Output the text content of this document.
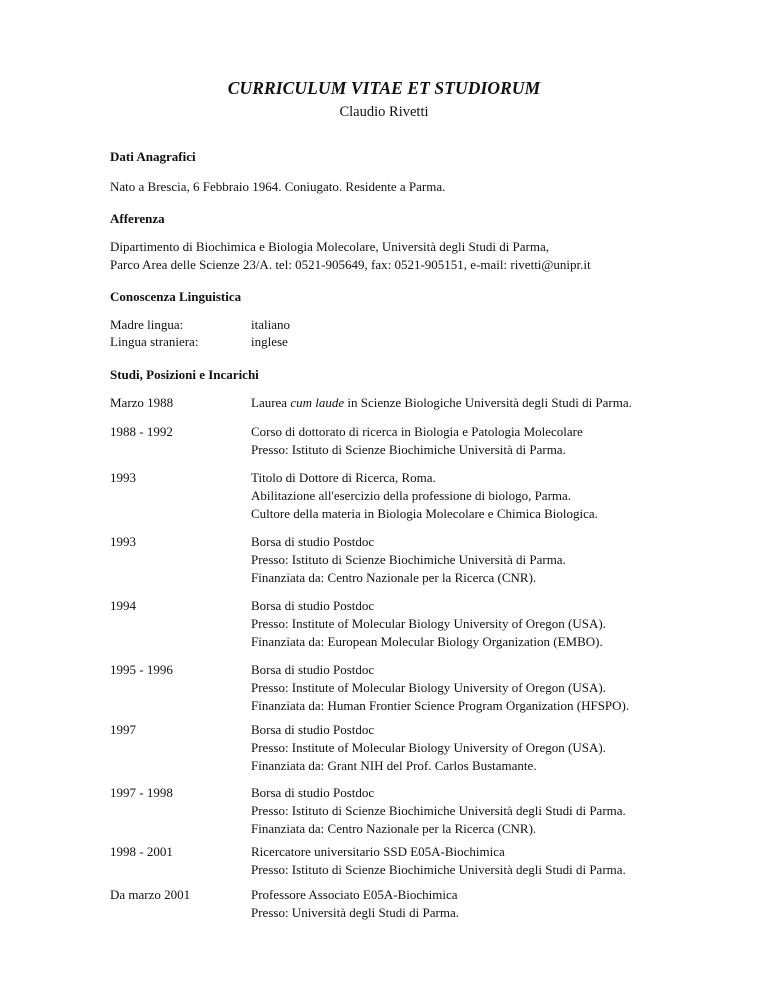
CURRICULUM VITAE ET STUDIORUM
Claudio Rivetti
Dati Anagrafici
Nato a Brescia, 6 Febbraio 1964. Coniugato. Residente a Parma.
Afferenza
Dipartimento di Biochimica e Biologia Molecolare, Università degli Studi di Parma,
Parco Area delle Scienze 23/A. tel: 0521-905649, fax: 0521-905151, e-mail: rivetti@unipr.it
Conoscenza Linguistica
Madre lingua:	italiano
Lingua straniera:	inglese
Studi, Posizioni e Incarichi
Marzo 1988	Laurea cum laude in Scienze Biologiche Università degli Studi di Parma.
1988 - 1992	Corso di dottorato di ricerca in Biologia e Patologia Molecolare
Presso: Istituto di Scienze Biochimiche Università di Parma.
1993	Titolo di Dottore di Ricerca, Roma.
Abilitazione all'esercizio della professione di biologo, Parma.
Cultore della materia in Biologia Molecolare e Chimica Biologica.
1993	Borsa di studio Postdoc
Presso: Istituto di Scienze Biochimiche Università di Parma.
Finanziata da: Centro Nazionale per la Ricerca (CNR).
1994	Borsa di studio Postdoc
Presso: Institute of Molecular Biology University of Oregon (USA).
Finanziata da: European Molecular Biology Organization (EMBO).
1995 - 1996	Borsa di studio Postdoc
Presso: Institute of Molecular Biology University of Oregon (USA).
Finanziata da: Human Frontier Science Program Organization (HFSPO).
1997	Borsa di studio Postdoc
Presso: Institute of Molecular Biology University of Oregon (USA).
Finanziata da: Grant NIH del Prof. Carlos Bustamante.
1997 - 1998	Borsa di studio Postdoc
Presso: Istituto di Scienze Biochimiche Università degli Studi di Parma.
Finanziata da: Centro Nazionale per la Ricerca (CNR).
1998 - 2001	Ricercatore universitario SSD E05A-Biochimica
Presso: Istituto di Scienze Biochimiche Università degli Studi di Parma.
Da marzo 2001	Professore Associato E05A-Biochimica
Presso: Università degli Studi di Parma.
